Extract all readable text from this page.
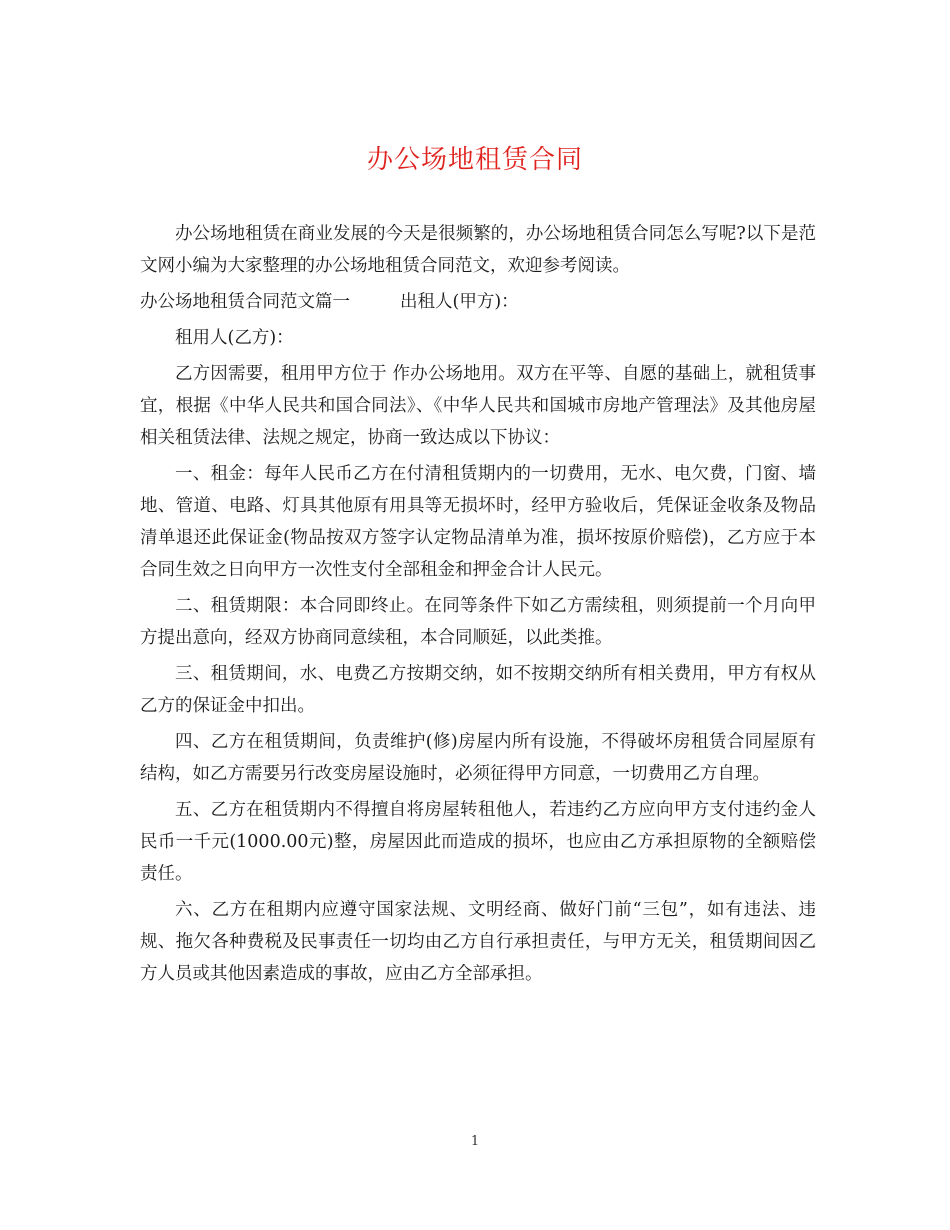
办公场地租赁合同

办公场地租赁在商业发展的今天是很频繁的，办公场地租赁合同怎么写呢?以下是范文网小编为大家整理的办公场地租赁合同范文，欢迎参考阅读。

办公场地租赁合同范文篇一	出租人(甲方)：

租用人(乙方)：

乙方因需要，租用甲方位于 作办公场地用。双方在平等、自愿的基础上，就租赁事宜，根据《中华人民共和国合同法》、《中华人民共和国城市房地产管理法》及其他房屋相关租赁法律、法规之规定，协商一致达成以下协议：

一、租金：每年人民币乙方在付清租赁期内的一切费用，无水、电欠费，门窗、墙地、管道、电路、灯具其他原有用具等无损坏时，经甲方验收后，凭保证金收条及物品清单退还此保证金(物品按双方签字认定物品清单为准，损坏按原价赔偿)，乙方应于本合同生效之日向甲方一次性支付全部租金和押金合计人民元。

二、租赁期限：本合同即终止。在同等条件下如乙方需续租，则须提前一个月向甲方提出意向，经双方协商同意续租，本合同顺延，以此类推。

三、租赁期间，水、电费乙方按期交纳，如不按期交纳所有相关费用，甲方有权从乙方的保证金中扣出。

四、乙方在租赁期间，负责维护(修)房屋内所有设施，不得破坏房租赁合同屋原有结构，如乙方需要另行改变房屋设施时，必须征得甲方同意，一切费用乙方自理。

五、乙方在租赁期内不得擅自将房屋转租他人，若违约乙方应向甲方支付违约金人民币一千元(1000.00元)整，房屋因此而造成的损坏，也应由乙方承担原物的全额赔偿责任。

六、乙方在租期内应遵守国家法规、文明经商、做好门前“三包”，如有违法、违规、拖欠各种费税及民事责任一切均由乙方自行承担责任，与甲方无关，租赁期间因乙方人员或其他因素造成的事故，应由乙方全部承担。

1
